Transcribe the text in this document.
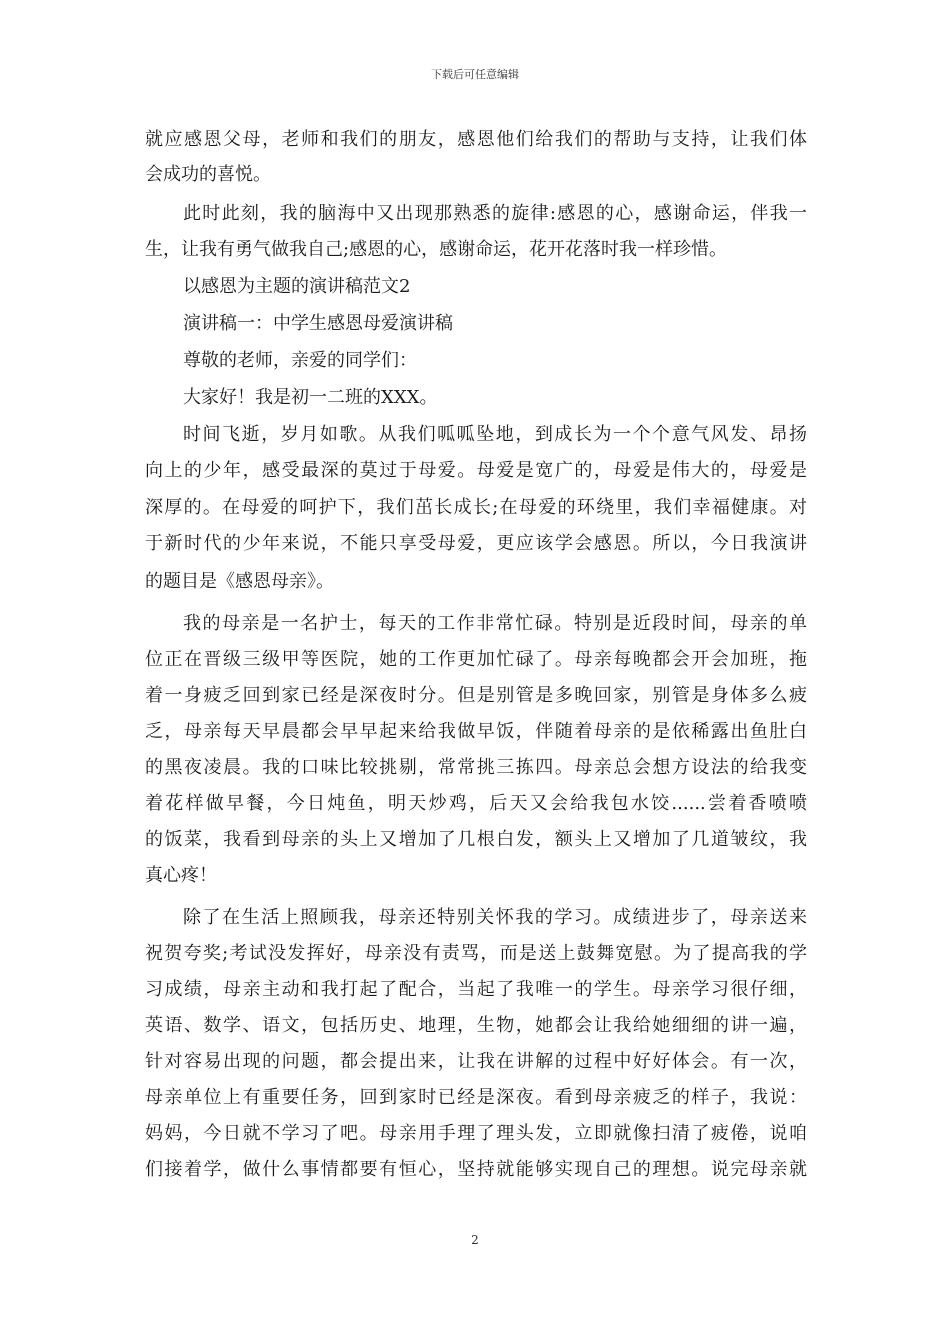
下载后可任意编辑
就应感恩父母，老师和我们的朋友，感恩他们给我们的帮助与支持，让我们体
会成功的喜悦。
此时此刻，我的脑海中又出现那熟悉的旋律:感恩的心，感谢命运，伴我一
生，让我有勇气做我自己;感恩的心，感谢命运，花开花落时我一样珍惜。
以感恩为主题的演讲稿范文2
演讲稿一：中学生感恩母爱演讲稿
尊敬的老师，亲爱的同学们：
大家好！我是初一二班的XXX。
时间飞逝，岁月如歌。从我们呱呱坠地，到成长为一个个意气风发、昂扬
向上的少年，感受最深的莫过于母爱。母爱是宽广的，母爱是伟大的，母爱是
深厚的。在母爱的呵护下，我们茁长成长;在母爱的环绕里，我们幸福健康。对
于新时代的少年来说，不能只享受母爱，更应该学会感恩。所以，今日我演讲
的题目是《感恩母亲》。
我的母亲是一名护士，每天的工作非常忙碌。特别是近段时间，母亲的单
位正在晋级三级甲等医院，她的工作更加忙碌了。母亲每晚都会开会加班，拖
着一身疲乏回到家已经是深夜时分。但是别管是多晚回家，别管是身体多么疲
乏，母亲每天早晨都会早早起来给我做早饭，伴随着母亲的是依稀露出鱼肚白
的黑夜凌晨。我的口味比较挑剔，常常挑三拣四。母亲总会想方设法的给我变
着花样做早餐，今日炖鱼，明天炒鸡，后天又会给我包水饺......尝着香喷喷
的饭菜，我看到母亲的头上又增加了几根白发，额头上又增加了几道皱纹，我
真心疼！
除了在生活上照顾我，母亲还特别关怀我的学习。成绩进步了，母亲送来
祝贺夸奖;考试没发挥好，母亲没有责骂，而是送上鼓舞宽慰。为了提高我的学
习成绩，母亲主动和我打起了配合，当起了我唯一的学生。母亲学习很仔细，
英语、数学、语文，包括历史、地理，生物，她都会让我给她细细的讲一遍，
针对容易出现的问题，都会提出来，让我在讲解的过程中好好体会。有一次，
母亲单位上有重要任务，回到家时已经是深夜。看到母亲疲乏的样子，我说：
妈妈，今日就不学习了吧。母亲用手理了理头发，立即就像扫清了疲倦，说咱
们接着学，做什么事情都要有恒心，坚持就能够实现自己的理想。说完母亲就
2
